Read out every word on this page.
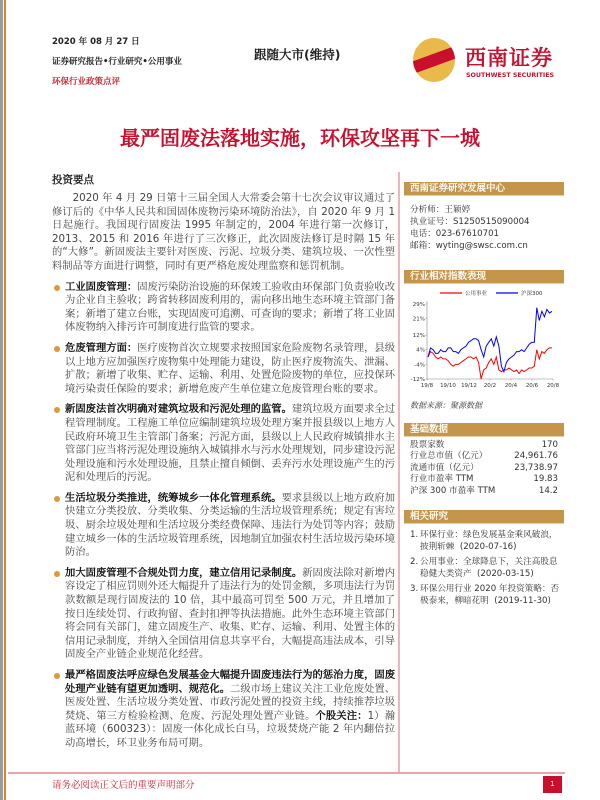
2020 年 08 月 27 日
证券研究报告•行业研究•公用事业
环保行业政策点评
跟随大市(维持)	西南证券
SOUTHWEST SECURITIES
最严固废法落地实施，环保攻坚再下一城
投资要点

2020 年 4 月 29 日第十三届全国人大常委会第十七次会议审议通过了修订后的《中华人民共和国固体废物污染环境防治法》，自 2020 年 9 月 1 日起施行。我国现行固废法 1995 年制定的，2004 年进行第一次修订，2013、2015 和 2016 年进行了三次修正，此次固废法修订是时隔 15 年的“大修”。新固废法主要针对医废、污泥、垃圾分类、建筑垃圾、一次性塑料制品等方面进行调整，同时有更严格危废处理监察和惩罚机制。

工业固废管理：固废污染防治设施的环保竣工验收由环保部门负责验收改为企业自主验收；跨省转移固废利用的，需向移出地生态环境主管部门备案；新增了建立台账，实现固废可追溯、可查询的要求；新增了将工业固体废物纳入排污许可制度进行监管的要求。
危废管理方面：医疗废物首次立规要求按照国家危险废物名录管理，县级以上地方应加强医疗废物集中处理能力建设，防止医疗废物流失、泄漏、扩散；新增了收集、贮存、运输、利用、处置危险废物的单位，应投保环境污染责任保险的要求；新增危废产生单位建立危废管理台账的要求。
新固废法首次明确对建筑垃圾和污泥处理的监管。建筑垃圾方面要求全过程管理制度。工程施工单位应编制建筑垃圾处理方案并报县级以上地方人民政府环境卫生主管部门备案；污泥方面，县级以上人民政府城镇排水主管部门应当将污泥处理设施纳入城镇排水与污水处理规划，同步建设污泥处理设施和污水处理设施，且禁止擅自倾倒、丢弃污水处理设施产生的污泥和处理后的污泥。
生活垃圾分类推进，统筹城乡一体化管理系统。要求县级以上地方政府加快建立分类投放、分类收集、分类运输的生活垃圾管理系统；规定有害垃圾、厨余垃圾处理和生活垃圾分类经费保障、违法行为处罚等内容；鼓励建立城乡一体的生活垃圾管理系统，因地制宜加强农村生活垃圾污染环境防治。
加大固废管理不合规处罚力度，建立信用记录制度。新固废法除对新增内容设定了相应罚则外还大幅提升了违法行为的处罚金额，多项违法行为罚款数额是现行固废法的 10 倍，其中最高可罚至 500 万元，并且增加了按日连续处罚、行政拘留、查封扣押等执法措施。此外生态环境主管部门将会同有关部门，建立固废生产、收集、贮存、运输、利用、处置主体的信用记录制度，并纳入全国信用信息共享平台，大幅提高违法成本，引导固废全产业链企业规范化经营。
最严格固废法呼应绿色发展基金大幅提升固废违法行为的惩治力度，固废处理产业链有望更加透明、规范化。二级市场上建议关注工业危废处置、医废处置、生活垃圾分类处置、市政污泥处置的投资主线，持续推荐垃圾焚烧、第三方检验检测、危废、污泥处理处置产业链。个股关注：1）瀚蓝环境（600323）：固废一体化成长白马，垃圾焚烧产能 2 年内翻倍拉动高增长，环卫业务布局可期。
西南证券研究发展中心
分析师：王颖婷
执业证号：S1250515090004
电话：023-67610701
邮箱：wyting@swsc.com.cn
行业相对指数表现
-12%
-4%
4%
12%
21%
29%
19/8 19/10 19/12 20/2 20/4 20/6 20/8
公用事业	沪深300
数据来源：聚源数据
基础数据
股票家数	170
行业总市值（亿元）	24,961.76
流通市值（亿元）	23,738.97
行业市盈率 TTM	19.83
沪深 300 市盈率 TTM	14.2
相关研究
1. 环保行业：绿色发展基金乘风破浪，披荆斩棘 (2020-07-16)
2. 公用事业：全球降息下，关注高股息稳健大类资产 (2020-03-15)
3. 环保公用行业 2020 年投资策略：否极泰来，柳暗花明 (2019-11-30)
请务必阅读正文后的重要声明部分	1
